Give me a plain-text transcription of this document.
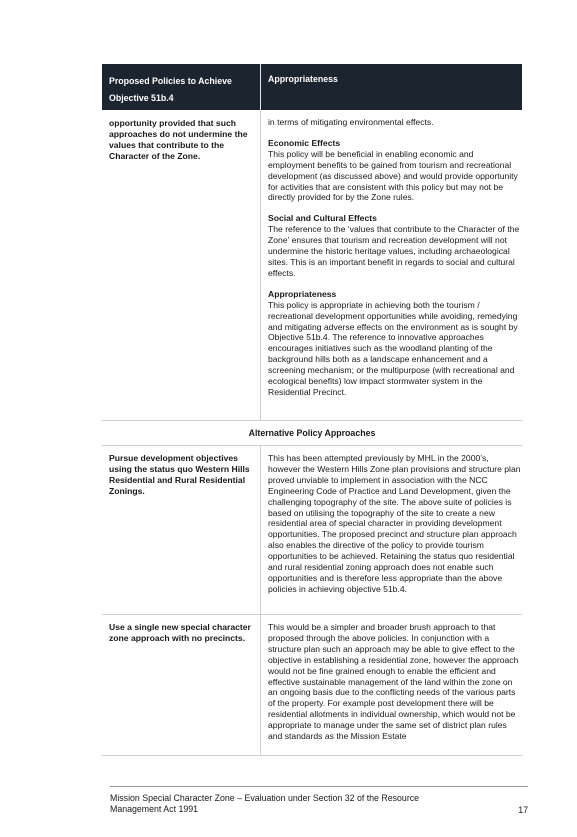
Proposed Policies to Achieve Objective 51b.4
Appropriateness
opportunity provided that such approaches do not undermine the values that contribute to the Character of the Zone.

in terms of mitigating environmental effects.

Economic Effects

This policy will be beneficial in enabling economic and employment benefits to be gained from tourism and recreational development (as discussed above) and would provide opportunity for activities that are consistent with this policy but may not be directly provided for by the Zone rules.

Social and Cultural Effects

The reference to the ‘values that contribute to the Character of the Zone’ ensures that tourism and recreation development will not undermine the historic heritage values, including archaeological sites. This is an important benefit in regards to social and cultural effects.

Appropriateness

This policy is appropriate in achieving both the tourism / recreational development opportunities while avoiding, remedying and mitigating adverse effects on the environment as is sought by Objective 51b.4. The reference to innovative approaches encourages initiatives such as the woodland planting of the background hills both as a landscape enhancement and a screening mechanism; or the multipurpose (with recreational and ecological benefits) low impact stormwater system in the Residential Precinct.

Alternative Policy Approaches
Pursue development objectives using the status quo Western Hills Residential and Rural Residential Zonings.

This has been attempted previously by MHL in the 2000’s, however the Western Hills Zone plan provisions and structure plan proved unviable to implement in association with the NCC Engineering Code of Practice and Land Development, given the challenging topography of the site. The above suite of policies is based on utilising the topography of the site to create a new residential area of special character in providing development opportunities. The proposed precinct and structure plan approach also enables the directive of the policy to provide tourism opportunities to be achieved. Retaining the status quo residential and rural residential zoning approach does not enable such opportunities and is therefore less appropriate than the above policies in achieving objective 51b.4.

Use a single new special character zone approach with no precincts.

This would be a simpler and broader brush approach to that proposed through the above policies. In conjunction with a structure plan such an approach may be able to give effect to the objective in establishing a residential zone, however the approach would not be fine grained enough to enable the efficient and effective sustainable management of the land within the zone on an ongoing basis due to the conflicting needs of the various parts of the property. For example post development there will be residential allotments in individual ownership, which would not be appropriate to manage under the same set of district plan rules and standards as the Mission Estate

Mission Special Character Zone – Evaluation under Section 32 of the Resource Management Act 1991	17
